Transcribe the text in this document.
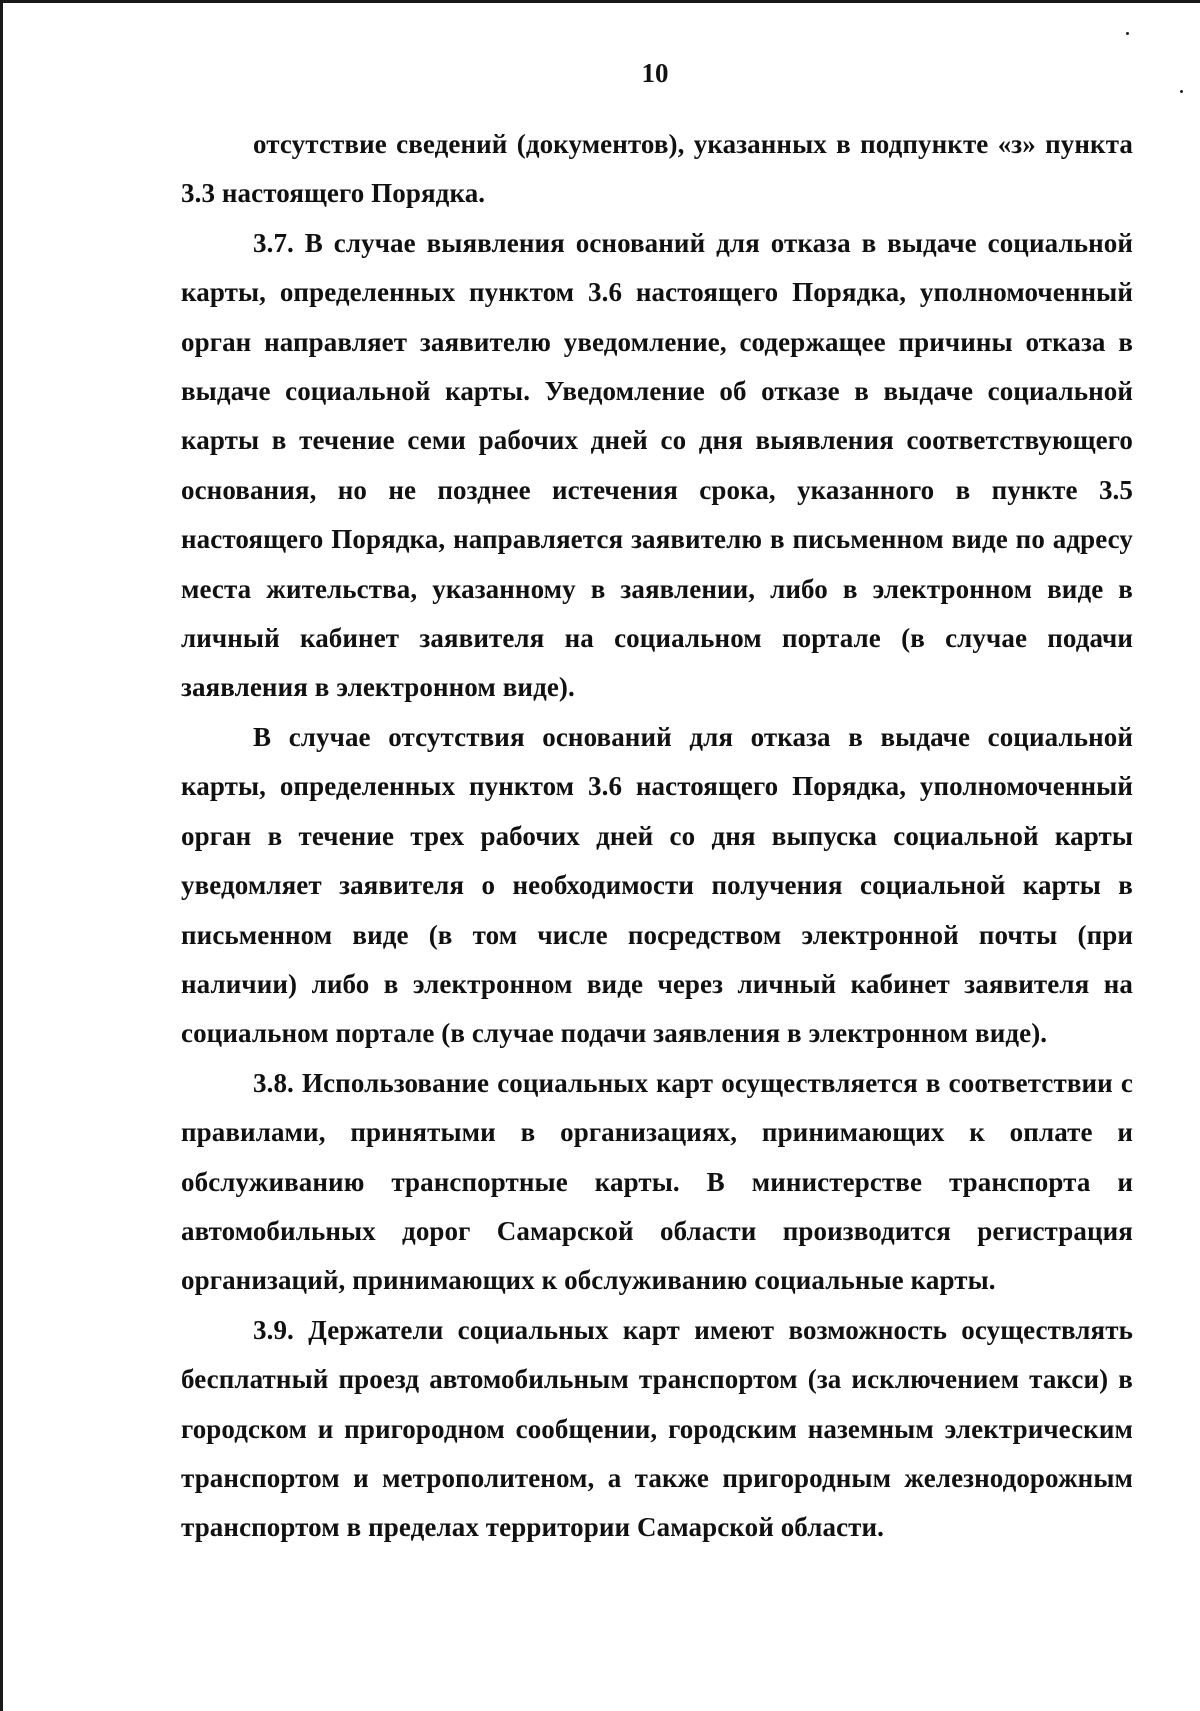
10

отсутствие сведений (документов), указанных в подпункте «з» пункта 3.3 настоящего Порядка.

3.7. В случае выявления оснований для отказа в выдаче социальной карты, определенных пунктом 3.6 настоящего Порядка, уполномоченный орган направляет заявителю уведомление, содержащее причины отказа в выдаче социальной карты. Уведомление об отказе в выдаче социальной карты в течение семи рабочих дней со дня выявления соответствующего основания, но не позднее истечения срока, указанного в пункте 3.5 настоящего Порядка, направляется заявителю в письменном виде по адресу места жительства, указанному в заявлении, либо в электронном виде в личный кабинет заявителя на социальном портале (в случае подачи заявления в электронном виде).

В случае отсутствия оснований для отказа в выдаче социальной карты, определенных пунктом 3.6 настоящего Порядка, уполномоченный орган в течение трех рабочих дней со дня выпуска социальной карты уведомляет заявителя о необходимости получения социальной карты в письменном виде (в том числе посредством электронной почты (при наличии) либо в электронном виде через личный кабинет заявителя на социальном портале (в случае подачи заявления в электронном виде).

3.8. Использование социальных карт осуществляется в соответствии с правилами, принятыми в организациях, принимающих к оплате и обслуживанию транспортные карты. В министерстве транспорта и автомобильных дорог Самарской области производится регистрация организаций, принимающих к обслуживанию социальные карты.

3.9. Держатели социальных карт имеют возможность осуществлять бесплатный проезд автомобильным транспортом (за исключением такси) в городском и пригородном сообщении, городским наземным электрическим транспортом и метрополитеном, а также пригородным железнодорожным транспортом в пределах территории Самарской области.
